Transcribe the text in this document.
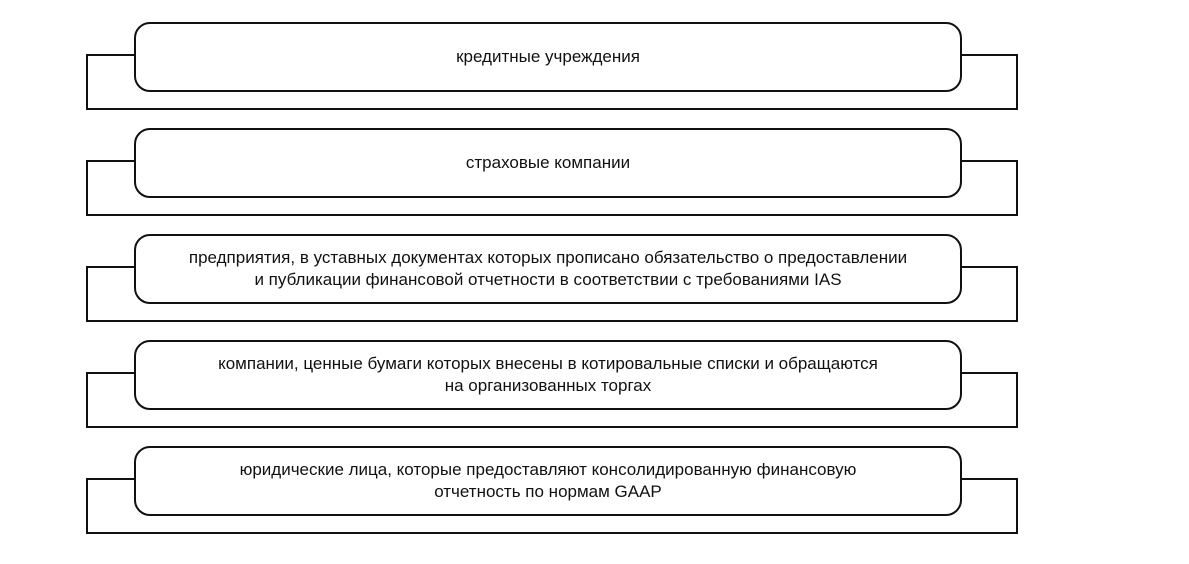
кредитные учреждения
страховые компании
предприятия, в уставных документах которых прописано обязательство о предоставлении
и публикации финансовой отчетности в соответствии с требованиями IAS
компании, ценные бумаги которых внесены в котировальные списки и обращаются
на организованных торгах
юридические лица, которые предоставляют консолидированную финансовую
отчетность по нормам GAAP
